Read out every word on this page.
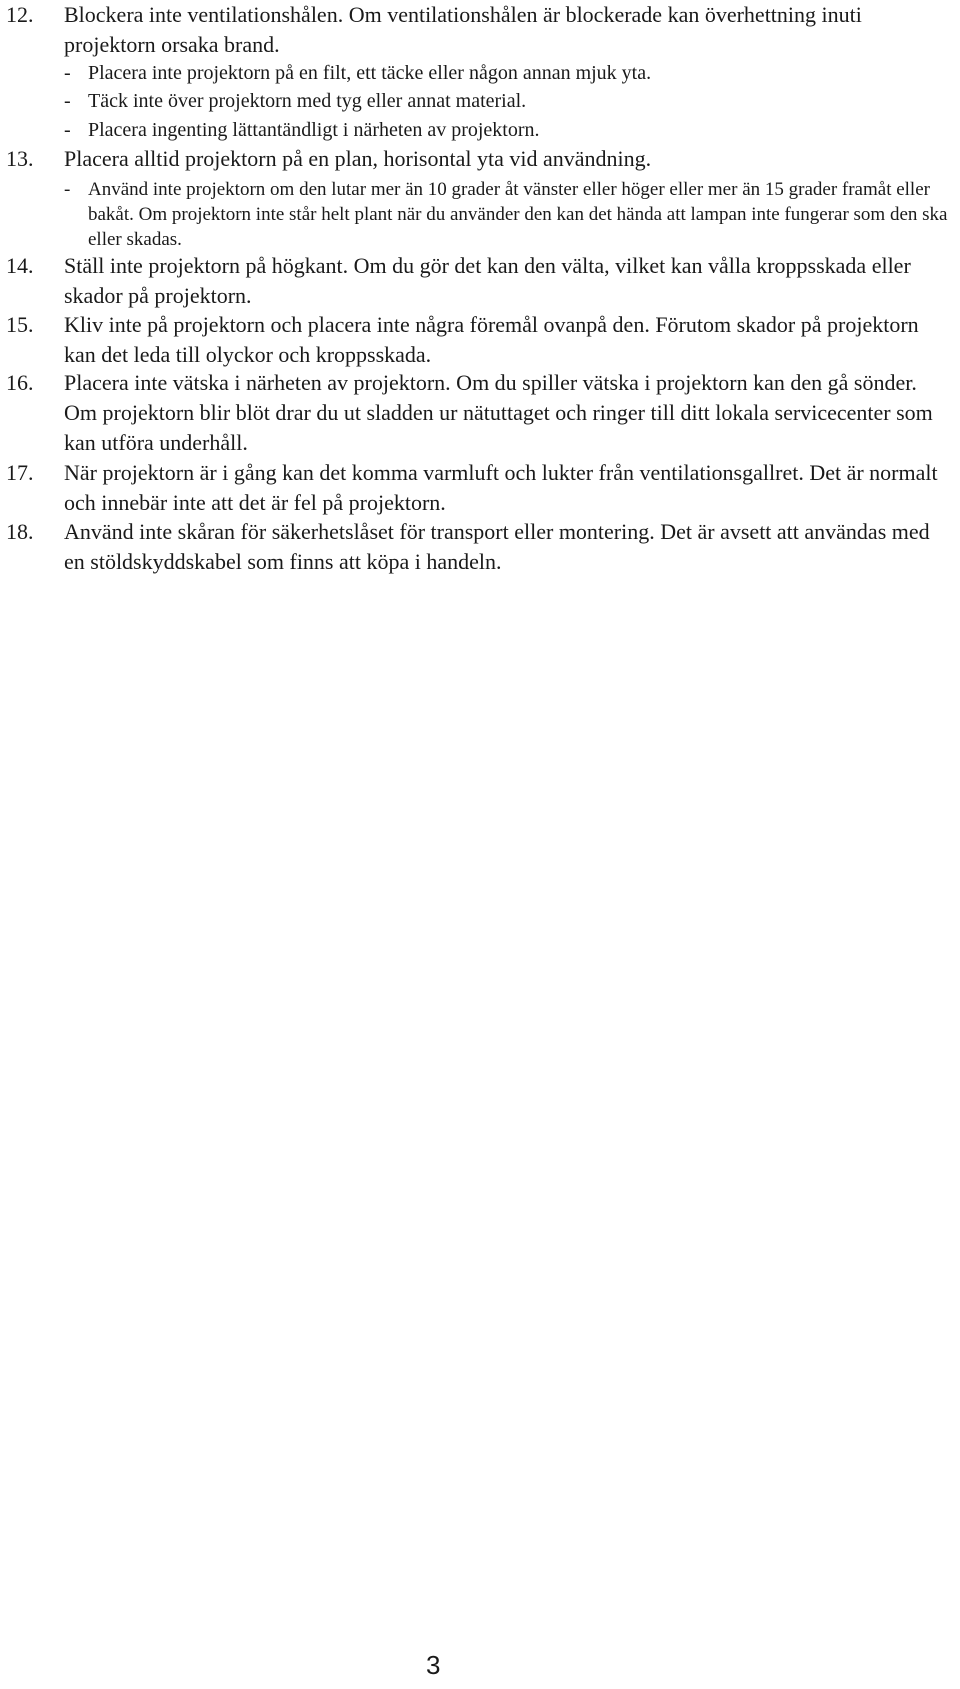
12. Blockera inte ventilationshålen. Om ventilationshålen är blockerade kan överhettning inuti projektorn orsaka brand.
- Placera inte projektorn på en filt, ett täcke eller någon annan mjuk yta.
- Täck inte över projektorn med tyg eller annat material.
- Placera ingenting lättantändligt i närheten av projektorn.
13. Placera alltid projektorn på en plan, horisontal yta vid användning.
- Använd inte projektorn om den lutar mer än 10 grader åt vänster eller höger eller mer än 15 grader framåt eller bakåt. Om projektorn inte står helt plant när du använder den kan det hända att lampan inte fungerar som den ska eller skadas.
14. Ställ inte projektorn på högkant. Om du gör det kan den välta, vilket kan vålla kroppsskada eller skador på projektorn.
15. Kliv inte på projektorn och placera inte några föremål ovanpå den. Förutom skador på projektorn kan det leda till olyckor och kroppsskada.
16. Placera inte vätska i närheten av projektorn. Om du spiller vätska i projektorn kan den gå sönder. Om projektorn blir blöt drar du ut sladden ur nätuttaget och ringer till ditt lokala servicecenter som kan utföra underhåll.
17. När projektorn är i gång kan det komma varmluft och lukter från ventilationsgallret. Det är normalt och innebär inte att det är fel på projektorn.
18. Använd inte skåran för säkerhetslåset för transport eller montering. Det är avsett att användas med en stöldskyddskabel som finns att köpa i handeln.
3
